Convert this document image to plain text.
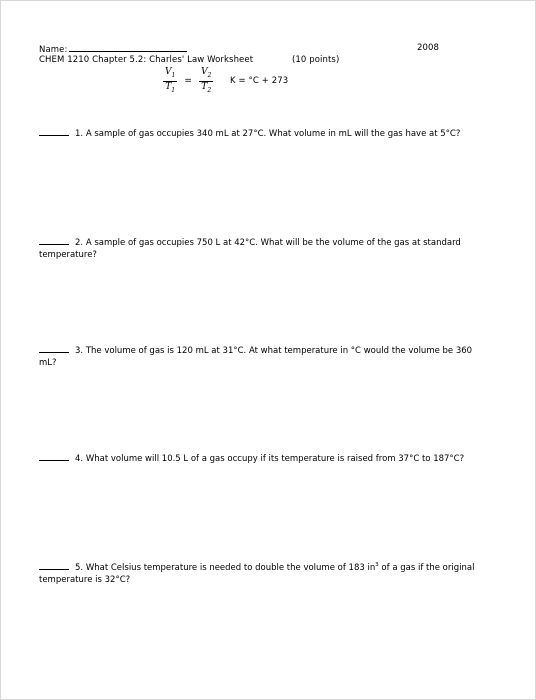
Name:	2008
CHEM 1210 Chapter 5.2: Charles' Law Worksheet	(10 points)
$\frac{V_1}{T_1} = \frac{V_2}{T_2}$ K = °C + 273
1. A sample of gas occupies 340 mL at 27°C. What volume in mL will the gas have at 5°C?
2. A sample of gas occupies 750 L at 42°C. What will be the volume of the gas at standard
temperature?
3. The volume of gas is 120 mL at 31°C. At what temperature in °C would the volume be 360
mL?
4. What volume will 10.5 L of a gas occupy if its temperature is raised from 37°C to 187°C?
5. What Celsius temperature is needed to double the volume of 183 $in^3$ of a gas if the original
temperature is 32°C?
